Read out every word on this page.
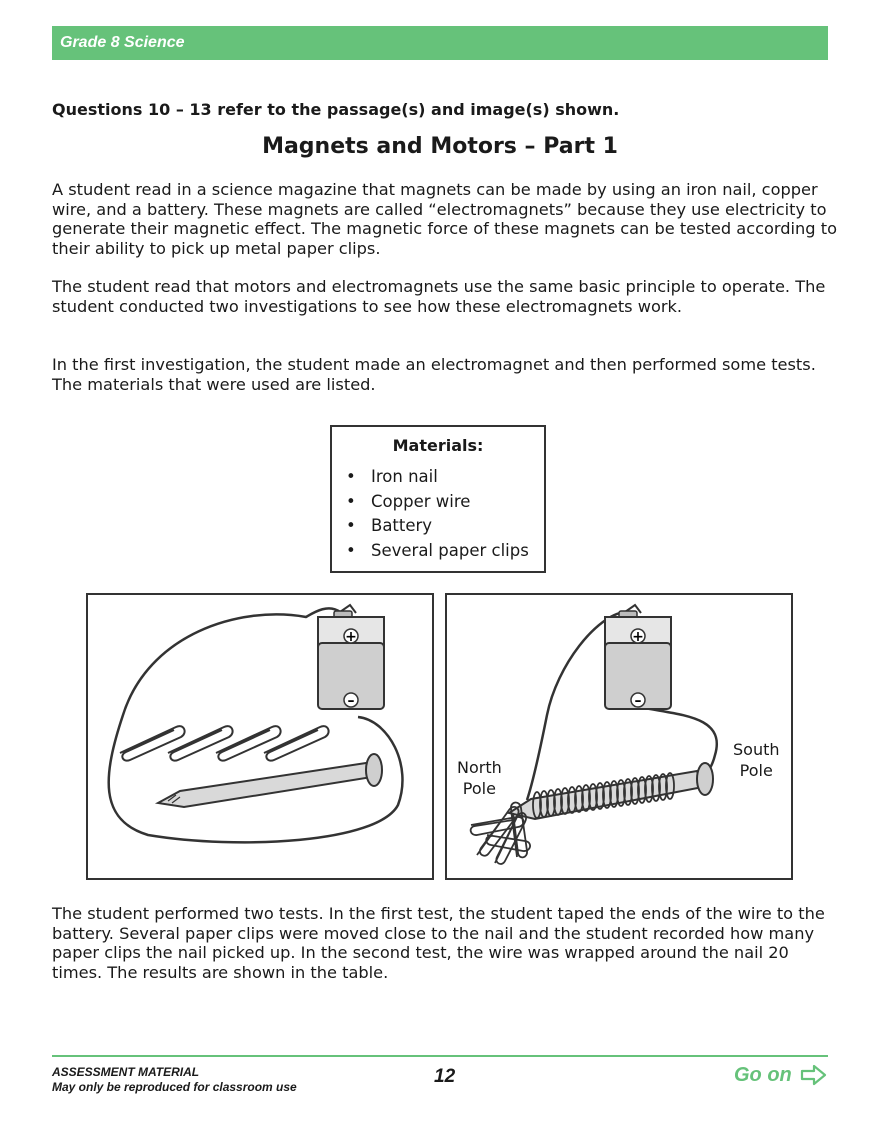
Grade 8 Science
Questions 10 – 13 refer to the passage(s) and image(s) shown.
Magnets and Motors – Part 1
A student read in a science magazine that magnets can be made by using an iron nail, copper wire, and a battery. These magnets are called “electromagnets” because they use electricity to generate their magnetic effect. The magnetic force of these magnets can be tested according to their ability to pick up metal paper clips.
The student read that motors and electromagnets use the same basic principle to operate. The student conducted two investigations to see how these electromagnets work.
In the first investigation, the student made an electromagnet and then performed some tests. The materials that were used are listed.
Materials:
• Iron nail
• Copper wire
• Battery
• Several paper clips
+
–
+
–
North
Pole
South
Pole
The student performed two tests. In the first test, the student taped the ends of the wire to the battery. Several paper clips were moved close to the nail and the student recorded how many paper clips the nail picked up. In the second test, the wire was wrapped around the nail 20 times. The results are shown in the table.
ASSESSMENT MATERIAL
May only be reproduced for classroom use	12	Go on
